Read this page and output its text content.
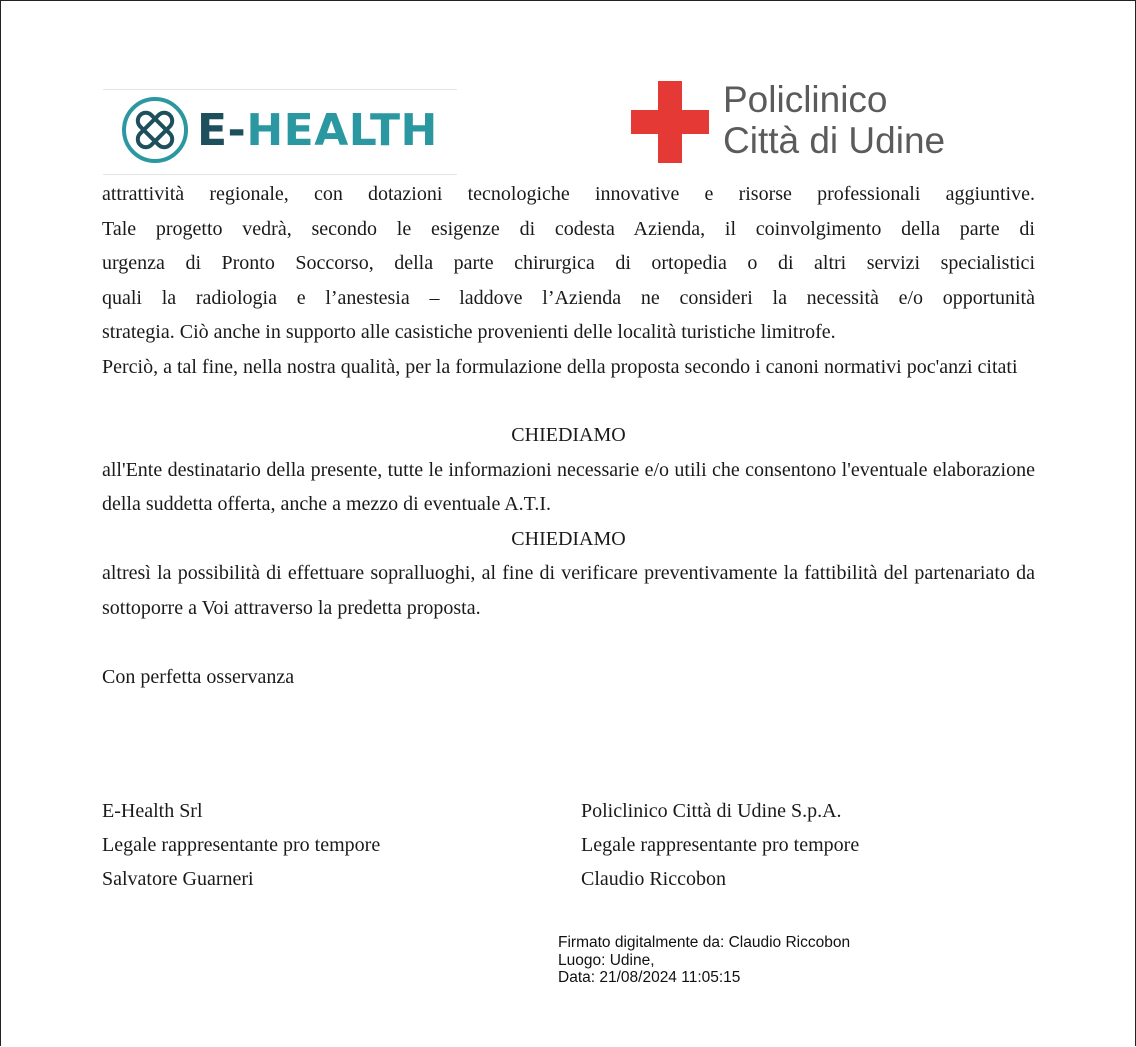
E-HEALTH
Policlinico
Città di Udine
attrattività regionale, con dotazioni tecnologiche innovative e risorse professionali aggiuntive.
Tale progetto vedrà, secondo le esigenze di codesta Azienda, il coinvolgimento della parte di
urgenza di Pronto Soccorso, della parte chirurgica di ortopedia o di altri servizi specialistici
quali la radiologia e l’anestesia – laddove l’Azienda ne consideri la necessità e/o opportunità
strategia. Ciò anche in supporto alle casistiche provenienti delle località turistiche limitrofe.

Perciò, a tal fine, nella nostra qualità, per la formulazione della proposta secondo i canoni normativi poc'anzi citati

CHIEDIAMO

all'Ente destinatario della presente, tutte le informazioni necessarie e/o utili che consentono l'eventuale elaborazione della suddetta offerta, anche a mezzo di eventuale A.T.I.

CHIEDIAMO

altresì la possibilità di effettuare sopralluoghi, al fine di verificare preventivamente la fattibilità del partenariato da sottoporre a Voi attraverso la predetta proposta.

Con perfetta osservanza

E-Health Srl
Legale rappresentante pro tempore
Salvatore Guarneri
Policlinico Città di Udine S.p.A.
Legale rappresentante pro tempore
Claudio Riccobon
Firmato digitalmente da: Claudio Riccobon
Luogo: Udine,
Data: 21/08/2024 11:05:15
